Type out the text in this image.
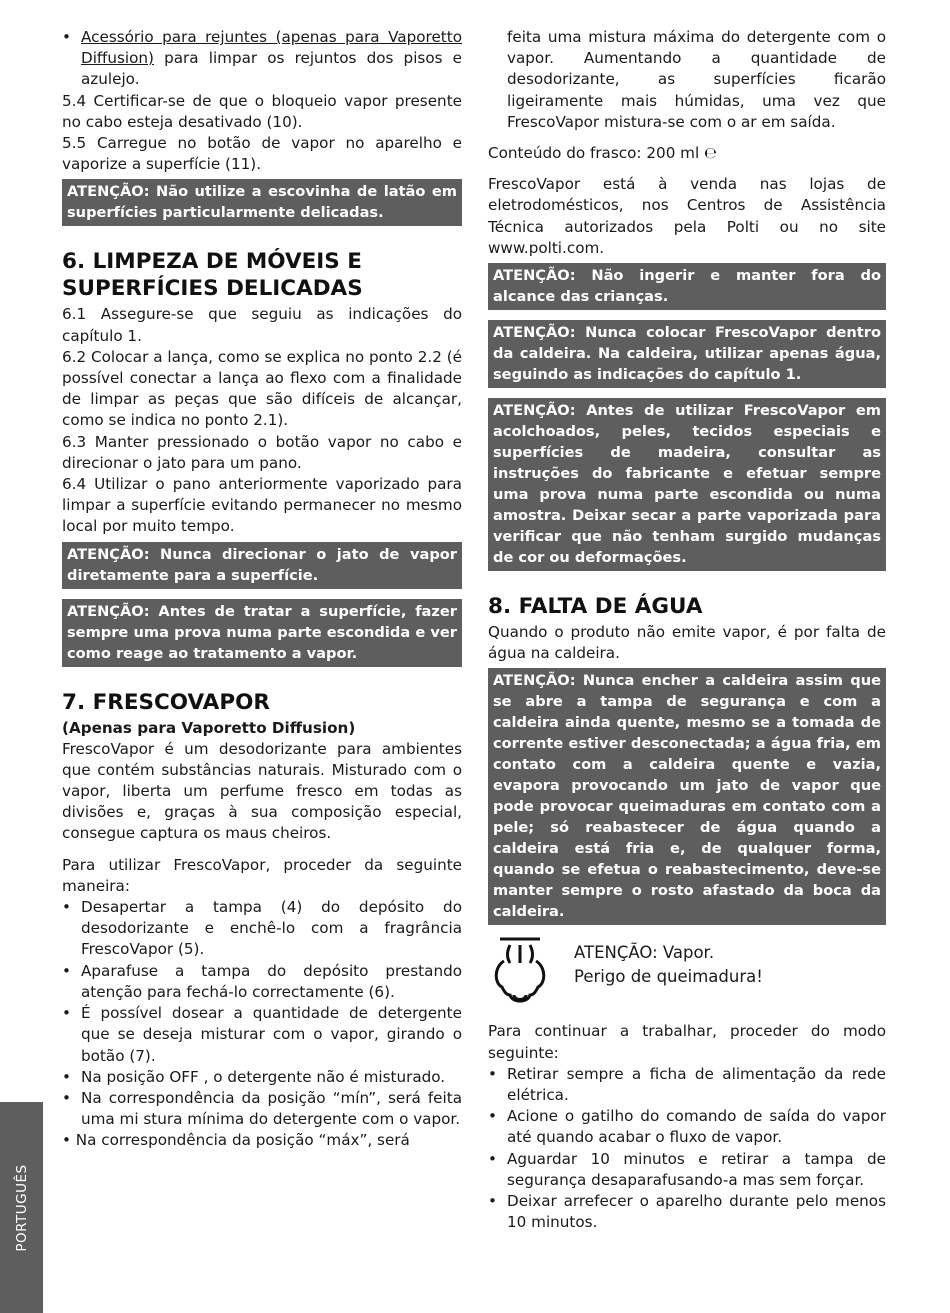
• Acessório para rejuntes (apenas para Vaporetto Diffusion) para limpar os rejuntos dos pisos e azulejo.

5.4 Certificar-se de que o bloqueio vapor presente no cabo esteja desativado (10).

5.5 Carregue no botão de vapor no aparelho e vaporize a superfície (11).

ATENÇÃO: Não utilize a escovinha de latão em superfícies particularmente delicadas.
6. LIMPEZA DE MÓVEIS E SUPERFÍCIES DELICADAS

6.1 Assegure-se que seguiu as indicações do capítulo 1.

6.2 Colocar a lança, como se explica no ponto 2.2 (é possível conectar a lança ao flexo com a finalidade de limpar as peças que são difíceis de alcançar, como se indica no ponto 2.1).

6.3 Manter pressionado o botão vapor no cabo e direcionar o jato para um pano.

6.4 Utilizar o pano anteriormente vaporizado para limpar a superfície evitando permanecer no mesmo local por muito tempo.

ATENÇÃO: Nunca direcionar o jato de vapor diretamente para a superfície.
ATENÇÃO: Antes de tratar a superfície, fazer sempre uma prova numa parte escondida e ver como reage ao tratamento a vapor.
7. FRESCOVAPOR
(Apenas para Vaporetto Diffusion)

FrescoVapor é um desodorizante para ambientes que contém substâncias naturais. Misturado com o vapor, liberta um perfume fresco em todas as divisões e, graças à sua composição especial, consegue captura os maus cheiros.

Para utilizar FrescoVapor, proceder da seguinte maneira:

• Desapertar a tampa (4) do depósito do desodorizante e enchê-lo com a fragrância FrescoVapor (5).
• Aparafuse a tampa do depósito prestando atenção para fechá-lo correctamente (6).
• É possível dosear a quantidade de detergente que se deseja misturar com o vapor, girando o botão (7).
• Na posição OFF , o detergente não é misturado.
• Na correspondência da posição “mín”, será feita uma mi stura mínima do detergente com o vapor.

• Na correspondência da posição “máx”, será

feita uma mistura máxima do detergente com o vapor. Aumentando a quantidade de desodorizante, as superfícies ficarão ligeiramente mais húmidas, uma vez que FrescoVapor mistura-se com o ar em saída.

Conteúdo do frasco: 200 ml ℮

FrescoVapor está à venda nas lojas de eletrodomésticos, nos Centros de Assistência Técnica autorizados pela Polti ou no site www.polti.com.

ATENÇÃO: Não ingerir e manter fora do alcance das crianças.
ATENÇÃO: Nunca colocar FrescoVapor dentro da caldeira. Na caldeira, utilizar apenas água, seguindo as indicações do capítulo 1.
ATENÇÃO: Antes de utilizar FrescoVapor em acolchoados, peles, tecidos especiais e superfícies de madeira, consultar as instruções do fabricante e efetuar sempre uma prova numa parte escondida ou numa amostra. Deixar secar a parte vaporizada para verificar que não tenham surgido mudanças de cor ou deformações.
8. FALTA DE ÁGUA

Quando o produto não emite vapor, é por falta de água na caldeira.

ATENÇÃO: Nunca encher a caldeira assim que se abre a tampa de segurança e com a caldeira ainda quente, mesmo se a tomada de corrente estiver desconectada; a água fria, em contato com a caldeira quente e vazia, evapora provocando um jato de vapor que pode provocar queimaduras em contato com a pele; só reabastecer de água quando a caldeira está fria e, de qualquer forma, quando se efetua o reabastecimento, deve-se manter sempre o rosto afastado da boca da caldeira.
ATENÇÃO: Vapor.
Perigo de queimadura!

Para continuar a trabalhar, proceder do modo seguinte:

• Retirar sempre a ficha de alimentação da rede elétrica.
• Acione o gatilho do comando de saída do vapor até quando acabar o fluxo de vapor.
• Aguardar 10 minutos e retirar a tampa de segurança desaparafusando-a mas sem forçar.
• Deixar arrefecer o aparelho durante pelo menos 10 minutos.
PORTUGUÊS
